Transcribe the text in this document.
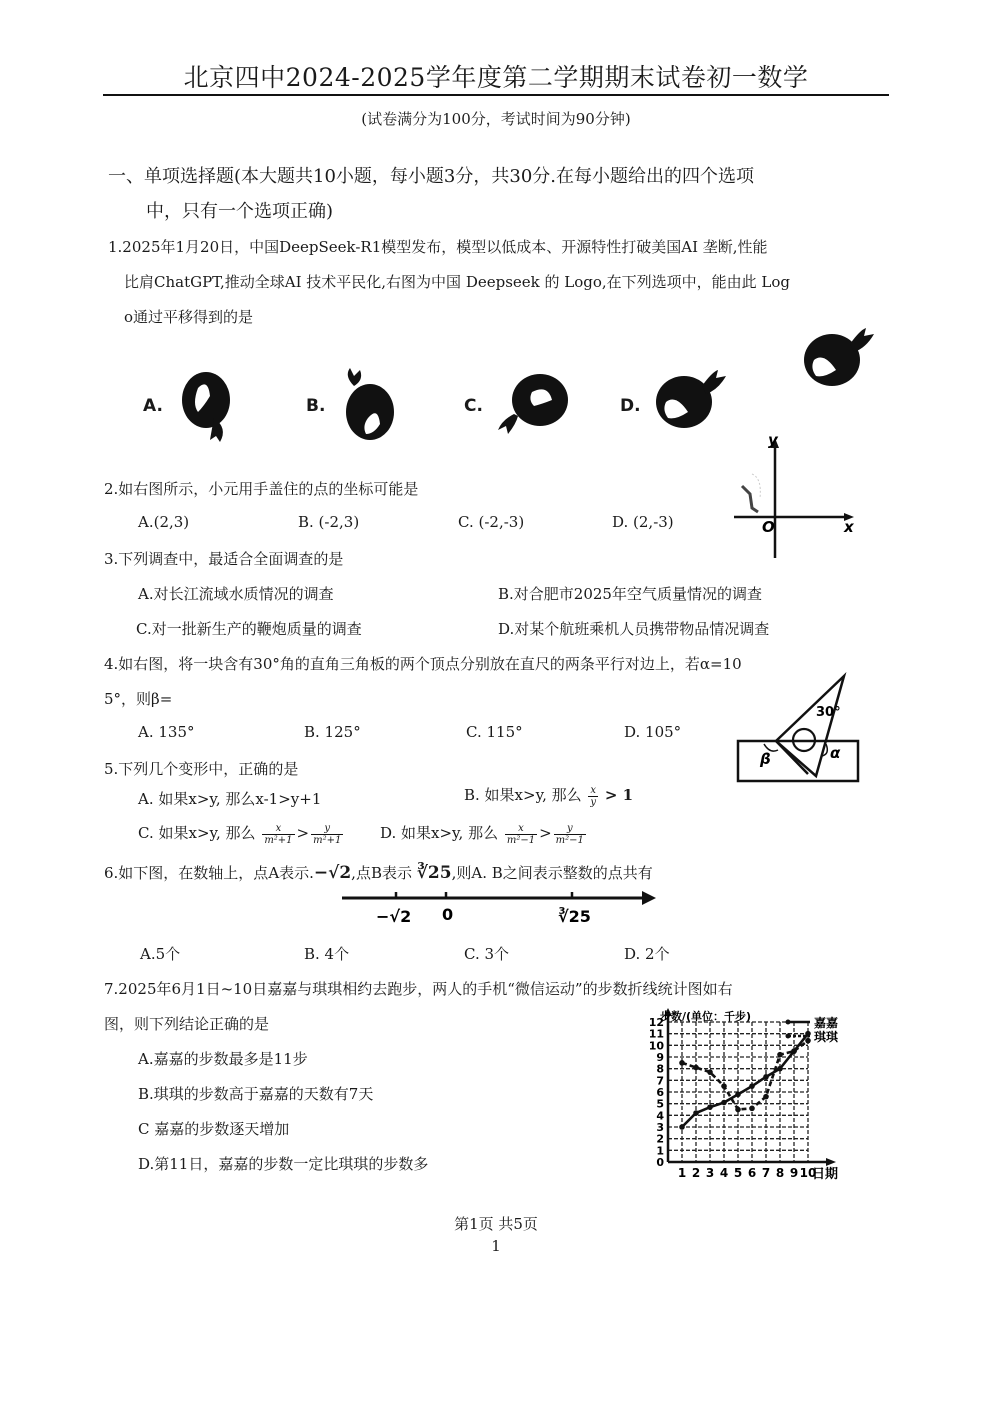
北京四中2024-2025学年度第二学期期末试卷初一数学
(试卷满分为100分，考试时间为90分钟)
一、单项选择题(本大题共10小题，每小题3分，共30分.在每小题给出的四个选项
中，只有一个选项正确)
1.2025年1月20日，中国DeepSeek-R1模型发布，模型以低成本、开源特性打破美国AI 垄断,性能
比肩ChatGPT,推动全球AI 技术平民化,右图为中国 Deepseek 的 Logo,在下列选项中，能由此 Log
o通过平移得到的是
A.	B.	C.	D.
2.如右图所示，小元用手盖住的点的坐标可能是
A.(2,3)	B. (-2,3)	C. (-2,-3)	D. (2,-3)
y
x
O
3.下列调查中，最适合全面调查的是
A.对长江流域水质情况的调查	B.对合肥市2025年空气质量情况的调查
C.对一批新生产的鞭炮质量的调查	D.对某个航班乘机人员携带物品情况调查
4.如右图，将一块含有30°角的直角三角板的两个顶点分别放在直尺的两条平行对边上，若α=10
5°，则β=
A. 135°	B. 125°	C. 115°	D. 105°
30°
β	α
5.下列几个变形中，正确的是
A. 如果x>y, 那么x-1>y+1	B. 如果x>y, 那么 $\frac{x}{y} > 1$
C. 如果x>y, 那么 $\frac{x}{\text{m²+1}} > \frac{y}{\text{m²+1}} D$. 如果x>y, 那么 $\frac{x}{\text{m²−1}} > \frac{y}{\text{m²−1}}$
6.如下图，在数轴上，点A表示.−√2,点B表示 ∛25,则A. B之间表示整数的点共有
−√2 0	∛25
A.5个	B. 4个	C. 3个	D. 2个
7.2025年6月1日~10日嘉嘉与琪琪相约去跑步，两人的手机“微信运动”的步数折线统计图如右
图，则下列结论正确的是
A.嘉嘉的步数最多是11步
B.琪琪的步数高于嘉嘉的天数有7天
C 嘉嘉的步数逐天增加
D.第11日，嘉嘉的步数一定比琪琪的步数多	0
1
2
3
4
5
6
7
8
9
10
11
12
1 2 3 4 5 6 7 8 9 10
步数/(单位：千步)
日期
嘉嘉
琪琪
第1页 共5页
1
